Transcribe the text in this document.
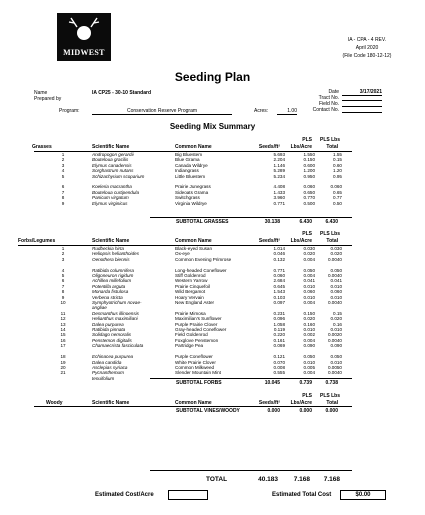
MIDWEST
IA - CPA - 4 REV.
April 2020
(File Code 180-12-12)
Seeding Plan
Name	IA CP25 - 30-10 Standard
Prepared by
Program:	Conservation Reserve Program	Acres:	1.00
Date	3/17/2021
Tract No.
Field No.
Contact No.
Seeding Mix Summary
PLS	PLS Lbs
Grasses	Scientific Name	Common Name	Seeds/ft²	Lbs/Acre	Total
1	Andropogon gerardii	Big Bluestem	5.693	1.550	1.55
2	Bouteloua gracilis	Blue Grama	2.204	0.150	0.15
3	Elymus canadensis	Canada Wildrye	1.146	0.600	0.60
4	Sorghastrum nutans	Indiangrass	5.289	1.200	1.20
5	Schizachyrium scoparium	Little Bluestem	5.234	0.950	0.95

6	Koeleria macrantha	Prairie Junegrass	4.408	0.060	0.060
7	Bouteloua curtipendula	Sideoats Grama	1.433	0.650	0.65
8	Panicum virgatum	Switchgrass	3.960	0.770	0.77
9	Elymus virginicus	Virginia Wildrye	0.771	0.500	0.50
SUBTOTAL GRASSES	30.138	6.430	6.430
PLS	PLS Lbs
Forbs/Legumes	Scientific Name	Common Name	Seeds/ft²	Lbs/Acre	Total
1	Rudbeckia hirta	Black-eyed Susan	1.014	0.030	0.030
2	Heliopsis helianthoides	Ox-eye	0.046	0.020	0.020
3	Oenothera biennis	Common Evening Primrose	0.132	0.004	0.0040

4	Ratibida columnifera	Long-headed Coneflower	0.771	0.050	0.050
5	Oligoneuron rigidum	Stiff Goldenrod	0.060	0.004	0.0040
6	Achillea millefolium	Western Yarrow	2.684	0.041	0.041
7	Potentilla arguta	Prairie Cinquefoil	0.645	0.010	0.010
8	Monarda fistulosa	Wild Bergamot	1.543	0.060	0.060
9	Verbena stricta	Hoary Vervain	0.103	0.010	0.010
10	Symphyotrichum novae-	New England Aster	0.097	0.004	0.0040
	angliae				
11	Desmanthus illinoensis	Prairie Mimosa	0.231	0.150	0.15
12	Helianthus maximiliani	Maximilian's Sunflower	0.096	0.020	0.020
13	Dalea purpurea	Purple Prairie Clover	1.058	0.160	0.16
14	Ratibida pinnata	Gray-headed Coneflower	0.119	0.010	0.010
15	Solidago nemoralis	Field Goldenrod	0.220	0.002	0.0020
16	Penstemon digitalis	Foxglove Penstemon	0.161	0.004	0.0040
17	Chamaecrista fasciculata	Partridge Pea	0.069	0.090	0.090

18	Echinacea purpurea	Purple Coneflower	0.121	0.050	0.050
19	Dalea candida	White Prairie Clover	0.070	0.010	0.010
20	Asclepias syriaca	Common Milkweed	0.008	0.005	0.0050
21	Pycnanthemum	Slender Mountain Mint	0.555	0.004	0.0040
	tenuifolium				
SUBTOTAL FORBS	10.045	0.739	0.738
PLS	PLS Lbs
Woody	Scientific Name	Common Name	Seeds/ft²	Lbs/Acre	Total
SUBTOTAL VINES/WOODY	0.000	0.000	0.000
TOTAL	40.183	7.168	7.168
Estimated Cost/Acre	Estimated Total Cost	$0.00
